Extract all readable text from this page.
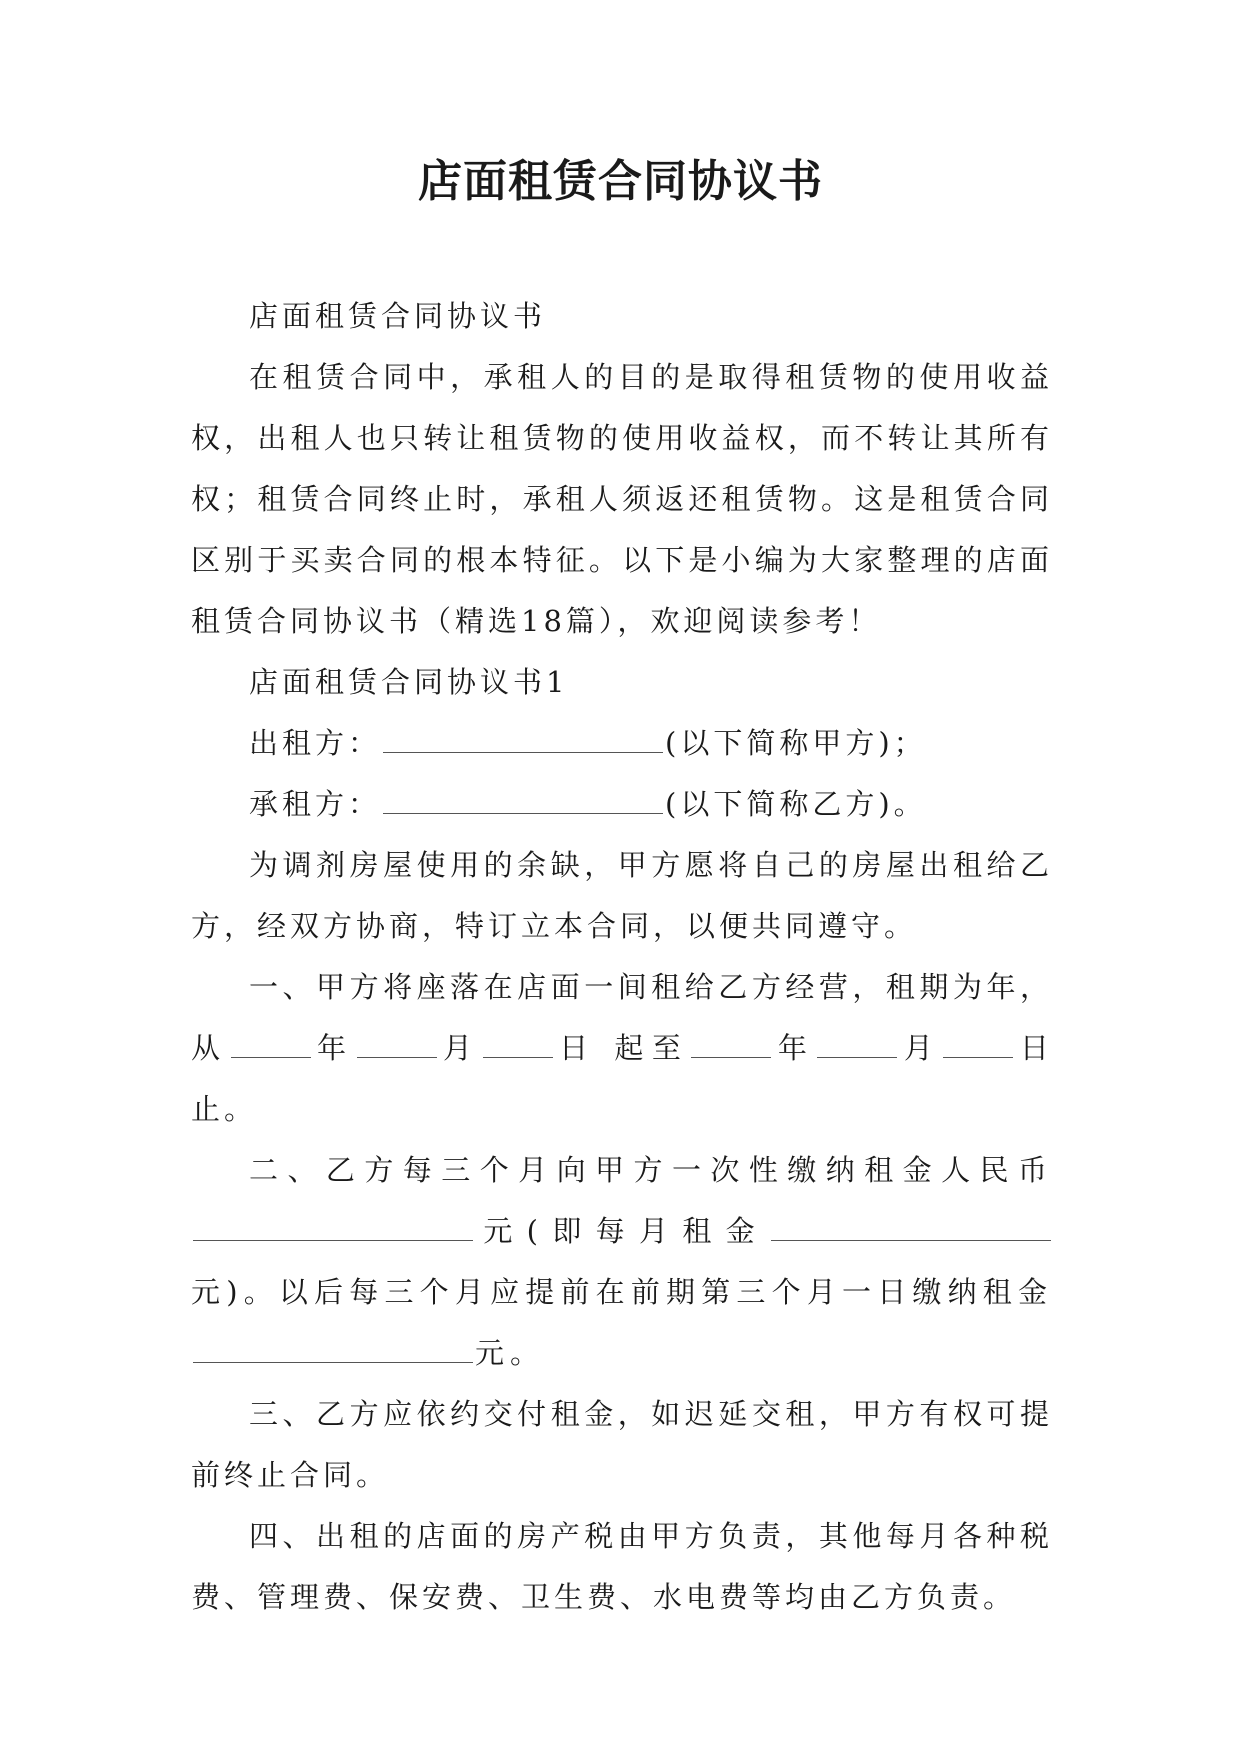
店面租赁合同协议书

店面租赁合同协议书

在租赁合同中，承租人的目的是取得租赁物的使用收益权，出租人也只转让租赁物的使用收益权，而不转让其所有权；租赁合同终止时，承租人须返还租赁物。这是租赁合同区别于买卖合同的根本特征。以下是小编为大家整理的店面租赁合同协议书（精选18篇），欢迎阅读参考！

店面租赁合同协议书1

出租方：	(以下简称甲方)；

承租方：	(以下简称乙方)。

为调剂房屋使用的余缺，甲方愿将自己的房屋出租给乙方，经双方协商，特订立本合同，以便共同遵守。

一、甲方将座落在店面一间租给乙方经营，租期为年，从	年	月	日 起至	年	月	日 止。

二、乙方每三个月向甲方一次性缴纳租金人民币元(即每月租金元)。以后每三个月应提前在前期第三个月一日缴纳租金元。

三、乙方应依约交付租金，如迟延交租，甲方有权可提前终止合同。

四、出租的店面的房产税由甲方负责，其他每月各种税费、管理费、保安费、卫生费、水电费等均由乙方负责。
